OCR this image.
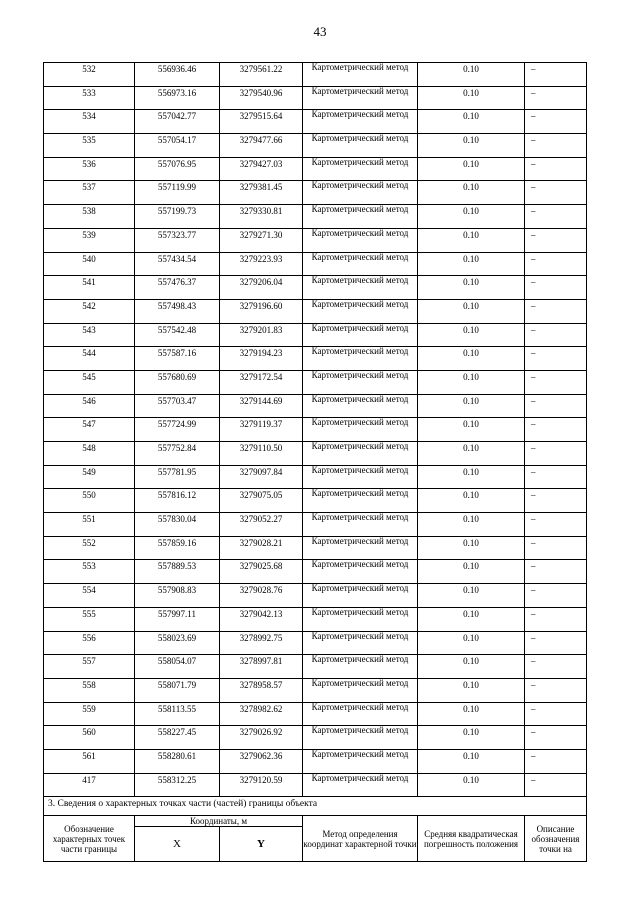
43
532	556936.46	3279561.22	Картометрический метод	0.10	–
533	556973.16	3279540.96	Картометрический метод	0.10	–
534	557042.77	3279515.64	Картометрический метод	0.10	–
535	557054.17	3279477.66	Картометрический метод	0.10	–
536	557076.95	3279427.03	Картометрический метод	0.10	–
537	557119.99	3279381.45	Картометрический метод	0.10	–
538	557199.73	3279330.81	Картометрический метод	0.10	–
539	557323.77	3279271.30	Картометрический метод	0.10	–
540	557434.54	3279223.93	Картометрический метод	0.10	–
541	557476.37	3279206.04	Картометрический метод	0.10	–
542	557498.43	3279196.60	Картометрический метод	0.10	–
543	557542.48	3279201.83	Картометрический метод	0.10	–
544	557587.16	3279194.23	Картометрический метод	0.10	–
545	557680.69	3279172.54	Картометрический метод	0.10	–
546	557703.47	3279144.69	Картометрический метод	0.10	–
547	557724.99	3279119.37	Картометрический метод	0.10	–
548	557752.84	3279110.50	Картометрический метод	0.10	–
549	557781.95	3279097.84	Картометрический метод	0.10	–
550	557816.12	3279075.05	Картометрический метод	0.10	–
551	557830.04	3279052.27	Картометрический метод	0.10	–
552	557859.16	3279028.21	Картометрический метод	0.10	–
553	557889.53	3279025.68	Картометрический метод	0.10	–
554	557908.83	3279028.76	Картометрический метод	0.10	–
555	557997.11	3279042.13	Картометрический метод	0.10	–
556	558023.69	3278992.75	Картометрический метод	0.10	–
557	558054.07	3278997.81	Картометрический метод	0.10	–
558	558071.79	3278958.57	Картометрический метод	0.10	–
559	558113.55	3278982.62	Картометрический метод	0.10	–
560	558227.45	3279026.92	Картометрический метод	0.10	–
561	558280.61	3279062.36	Картометрический метод	0.10	–
417	558312.25	3279120.59	Картометрический метод	0.10	–
3. Сведения о характерных точках части (частей) границы объекта					
Обозначение характерных точек части границы	Координаты, м		Метод определения координат характерной точки	Средняя квадратическая погрешность положения	Описание обозначения точки на
	X	Y			
